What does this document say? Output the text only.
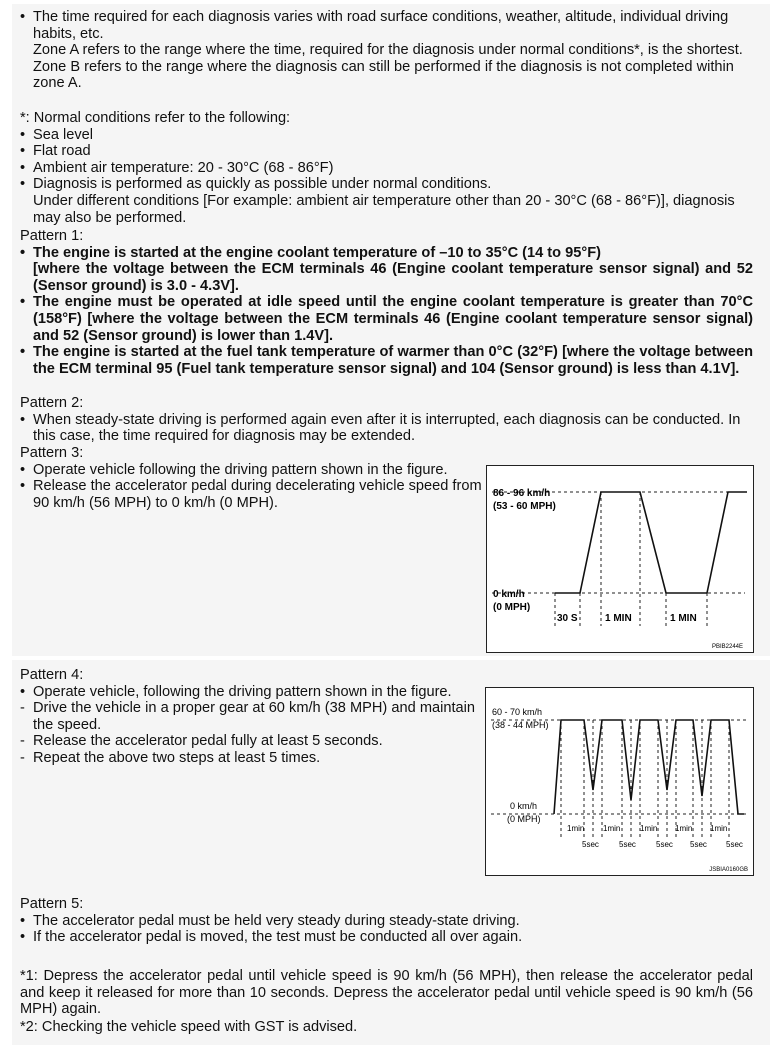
• The time required for each diagnosis varies with road surface conditions, weather, altitude, individual driving habits, etc.
Zone A refers to the range where the time, required for the diagnosis under normal conditions*, is the shortest.
Zone B refers to the range where the diagnosis can still be performed if the diagnosis is not completed within zone A.
*: Normal conditions refer to the following:
• Sea level
• Flat road
• Ambient air temperature: 20 - 30°C (68 - 86°F)
• Diagnosis is performed as quickly as possible under normal conditions.
Under different conditions [For example: ambient air temperature other than 20 - 30°C (68 - 86°F)], diagnosis may also be performed.
Pattern 1:
• The engine is started at the engine coolant temperature of –10 to 35°C (14 to 95°F)
[where the voltage between the ECM terminals 46 (Engine coolant temperature sensor signal) and 52 (Sensor ground) is 3.0 - 4.3V].
• The engine must be operated at idle speed until the engine coolant temperature is greater than 70°C (158°F) [where the voltage between the ECM terminals 46 (Engine coolant temperature sensor signal) and 52 (Sensor ground) is lower than 1.4V].
• The engine is started at the fuel tank temperature of warmer than 0°C (32°F) [where the voltage between the ECM terminal 95 (Fuel tank temperature sensor signal) and 104 (Sensor ground) is less than 4.1V].
Pattern 2:
• When steady-state driving is performed again even after it is interrupted, each diagnosis can be conducted. In this case, the time required for diagnosis may be extended.
Pattern 3:
• Operate vehicle following the driving pattern shown in the figure.
• Release the accelerator pedal during decelerating vehicle speed from 90 km/h (56 MPH) to 0 km/h (0 MPH).
86 - 96 km/h
(53 - 60 MPH)
0 km/h
(0 MPH)
30 S	1 MIN	1 MIN
PBIB2244E
Pattern 4:
• Operate vehicle, following the driving pattern shown in the figure.
- Drive the vehicle in a proper gear at 60 km/h (38 MPH) and maintain the speed.
- Release the accelerator pedal fully at least 5 seconds.
- Repeat the above two steps at least 5 times.
60 - 70 km/h
(38 - 44 MPH)
0 km/h
(0 MPH)
1min 1min 1min 1min 1min
5sec	5sec	5sec 5sec 5sec
JSBIA0160GB
Pattern 5:
• The accelerator pedal must be held very steady during steady-state driving.
• If the accelerator pedal is moved, the test must be conducted all over again.
*1: Depress the accelerator pedal until vehicle speed is 90 km/h (56 MPH), then release the accelerator pedal and keep it released for more than 10 seconds. Depress the accelerator pedal until vehicle speed is 90 km/h (56 MPH) again.
*2: Checking the vehicle speed with GST is advised.
